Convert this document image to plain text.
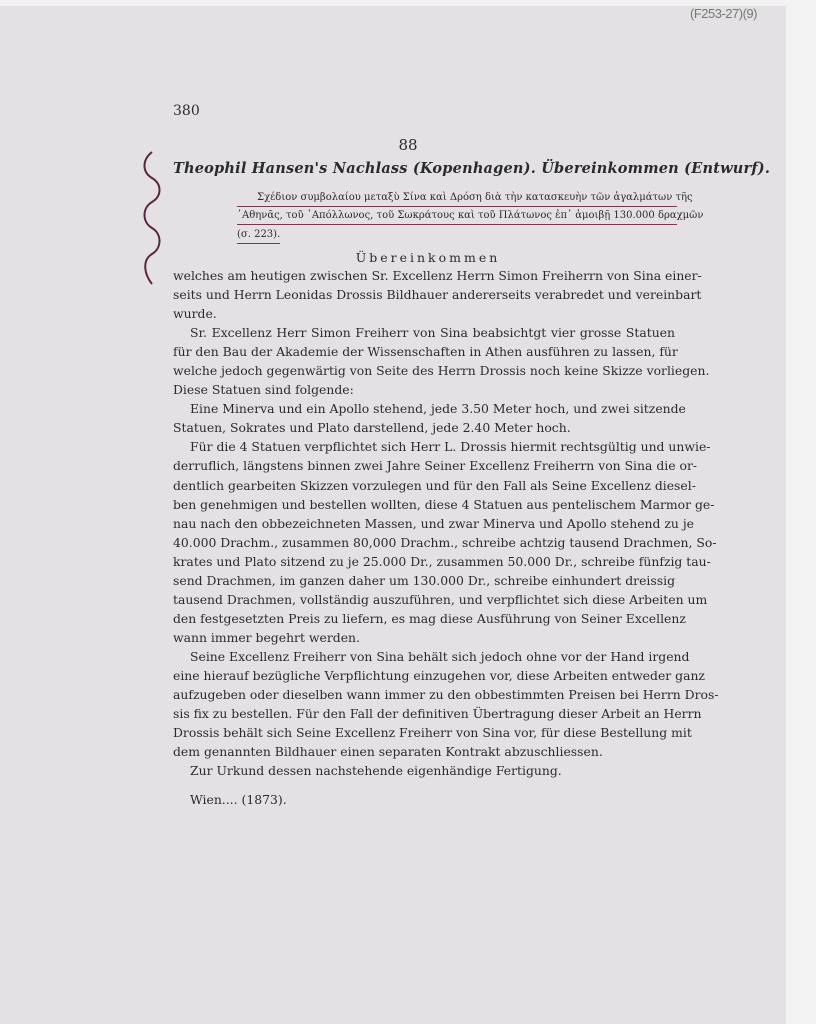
(F253-27)(9)
380
88
Theophil Hansen's Nachlass (Kopenhagen). Übereinkommen (Entwurf).
Σχέδιον συμβολαίου μεταξὺ Σίνα καὶ Δρόση διὰ τὴν κατασκευὴν τῶν ἀγαλμάτων τῆς
᾿Αθηνᾶς, τοῦ ᾿Απόλλωνος, τοῦ Σωκράτους καὶ τοῦ Πλάτωνος ἐπ᾿ ἀμοιβῇ 130.000 δραχμῶν
(σ. 223).
Übereinkommen

welches am heutigen zwischen Sr. Excellenz Herrn Simon Freiherrn von Sina einer-
seits und Herrn Leonidas Drossis Bildhauer andererseits verabredet und vereinbart
wurde.

Sr. Excellenz Herr Simon Freiherr von Sina beabsichtgt vier grosse Statuen
für den Bau der Akademie der Wissenschaften in Athen ausführen zu lassen, für
welche jedoch gegenwärtig von Seite des Herrn Drossis noch keine Skizze vorliegen.
Diese Statuen sind folgende:

Eine Minerva und ein Apollo stehend, jede 3.50 Meter hoch, und zwei sitzende
Statuen, Sokrates und Plato darstellend, jede 2.40 Meter hoch.

Für die 4 Statuen verpflichtet sich Herr L. Drossis hiermit rechtsgültig und unwie-
derruflich, längstens binnen zwei Jahre Seiner Excellenz Freiherrn von Sina die or-
dentlich gearbeiten Skizzen vorzulegen und für den Fall als Seine Excellenz diesel-
ben genehmigen und bestellen wollten, diese 4 Statuen aus pentelischem Marmor ge-
nau nach den obbezeichneten Massen, und zwar Minerva und Apollo stehend zu je
40.000 Drachm., zusammen 80,000 Drachm., schreibe achtzig tausend Drachmen, So-
krates und Plato sitzend zu je 25.000 Dr., zusammen 50.000 Dr., schreibe fünfzig tau-
send Drachmen, im ganzen daher um 130.000 Dr., schreibe einhundert dreissig
tausend Drachmen, vollständig auszuführen, und verpflichtet sich diese Arbeiten um
den festgesetzten Preis zu liefern, es mag diese Ausführung von Seiner Excellenz
wann immer begehrt werden.

Seine Excellenz Freiherr von Sina behält sich jedoch ohne vor der Hand irgend
eine hierauf bezügliche Verpflichtung einzugehen vor, diese Arbeiten entweder ganz
aufzugeben oder dieselben wann immer zu den obbestimmten Preisen bei Herrn Dros-
sis fix zu bestellen. Für den Fall der definitiven Übertragung dieser Arbeit an Herrn
Drossis behält sich Seine Excellenz Freiherr von Sina vor, für diese Bestellung mit
dem genannten Bildhauer einen separaten Kontrakt abzuschliessen.

Zur Urkund dessen nachstehende eigenhändige Fertigung.

Wien.... (1873).
